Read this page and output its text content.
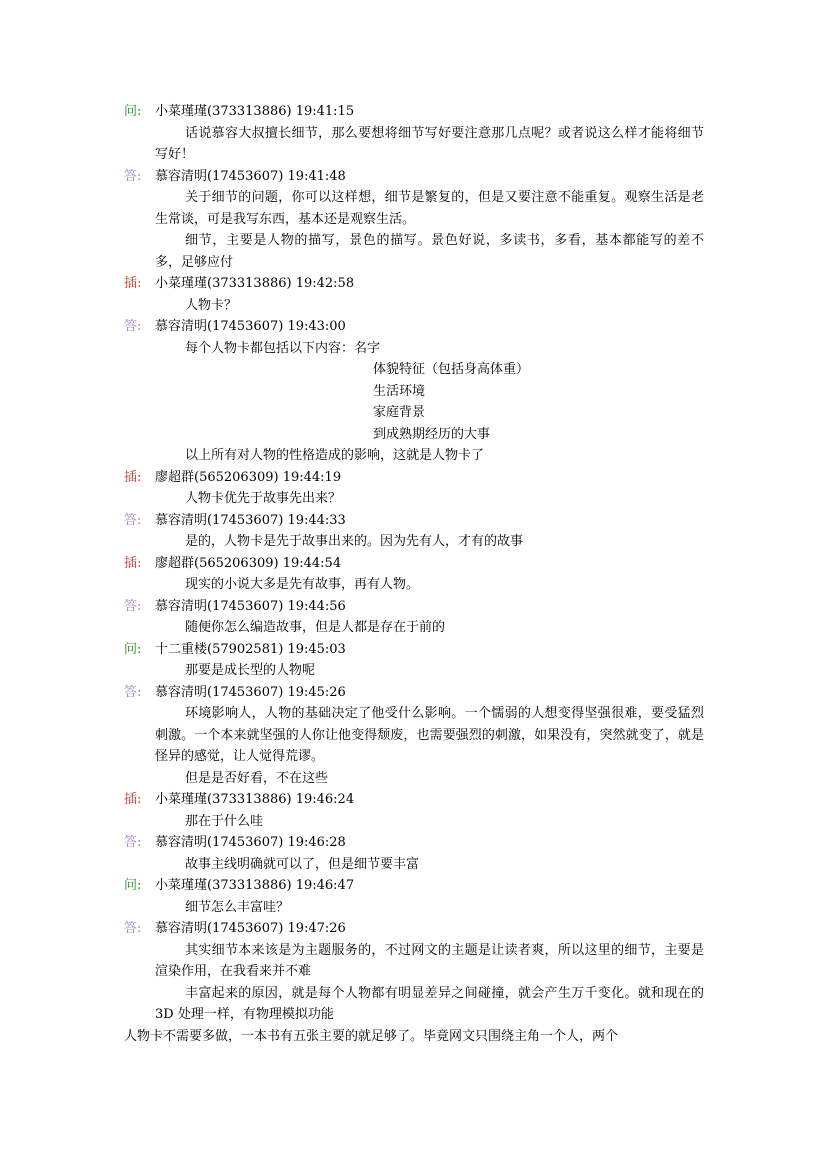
问: 小菜瑾瑾(373313886) 19:41:15

话说慕容大叔擅长细节，那么要想将细节写好要注意那几点呢？或者说这么样才能将细节写好！

答: 慕容清明(17453607) 19:41:48

关于细节的问题，你可以这样想，细节是繁复的，但是又要注意不能重复。观察生活是老生常谈，可是我写东西，基本还是观察生活。

细节，主要是人物的描写，景色的描写。景色好说，多读书，多看，基本都能写的差不多，足够应付

插: 小菜瑾瑾(373313886) 19:42:58

人物卡？

答: 慕容清明(17453607) 19:43:00
每个人物卡都包括以下内容：名字
体貌特征（包括身高体重）
生活环境
家庭背景
到成熟期经历的大事

以上所有对人物的性格造成的影响，这就是人物卡了

插: 廖超群(565206309) 19:44:19

人物卡优先于故事先出来？

答: 慕容清明(17453607) 19:44:33

是的，人物卡是先于故事出来的。因为先有人，才有的故事

插: 廖超群(565206309) 19:44:54

现实的小说大多是先有故事，再有人物。

答: 慕容清明(17453607) 19:44:56

随便你怎么编造故事，但是人都是存在于前的

问: 十二重楼(57902581) 19:45:03

那要是成长型的人物呢

答: 慕容清明(17453607) 19:45:26

环境影响人，人物的基础决定了他受什么影响。一个懦弱的人想变得坚强很难，要受猛烈刺激。一个本来就坚强的人你让他变得颓废，也需要强烈的刺激，如果没有，突然就变了，就是怪异的感觉，让人觉得荒谬。

但是是否好看，不在这些

插: 小菜瑾瑾(373313886) 19:46:24

那在于什么哇

答: 慕容清明(17453607) 19:46:28

故事主线明确就可以了，但是细节要丰富

问: 小菜瑾瑾(373313886) 19:46:47

细节怎么丰富哇？

答: 慕容清明(17453607) 19:47:26

其实细节本来该是为主题服务的，不过网文的主题是让读者爽，所以这里的细节，主要是渲染作用，在我看来并不难

丰富起来的原因，就是每个人物都有明显差异之间碰撞，就会产生万千变化。就和现在的 3D 处理一样，有物理模拟功能

人物卡不需要多做，一本书有五张主要的就足够了。毕竟网文只围绕主角一个人，两个
